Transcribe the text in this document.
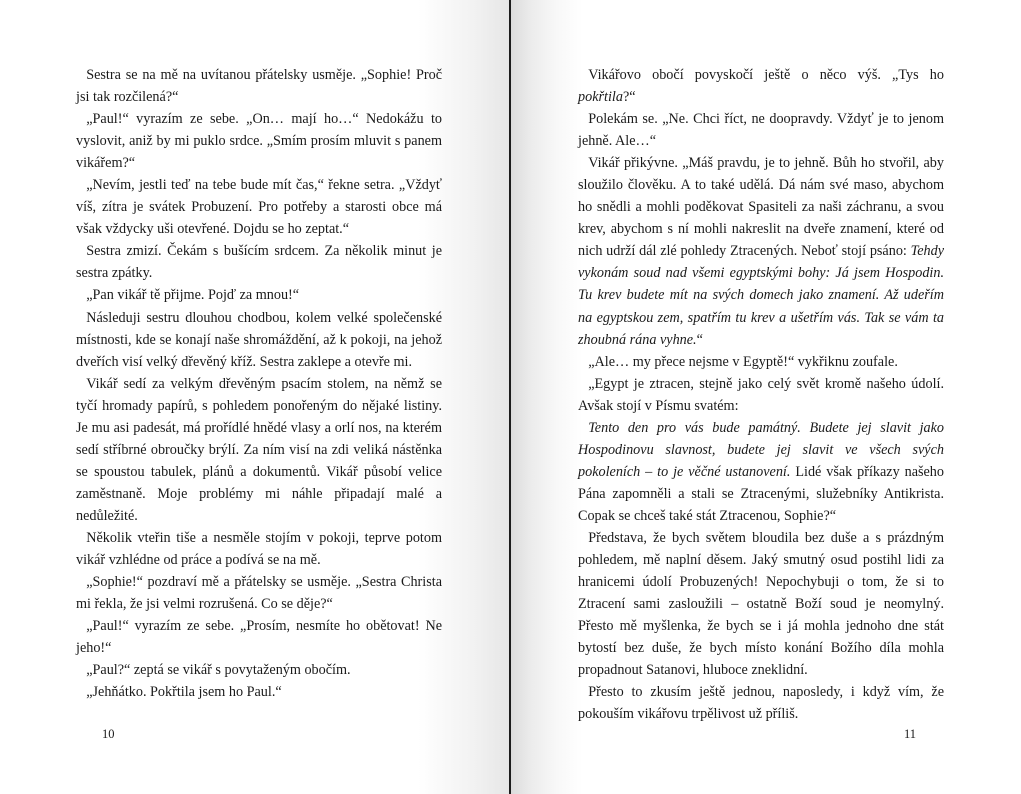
Sestra se na mě na uvítanou přátelsky usměje. „Sophie! Proč jsi tak rozčilená?“

„Paul!“ vyrazím ze sebe. „On… mají ho…“ Nedokážu to vyslovit, aniž by mi puklo srdce. „Smím prosím mluvit s panem vikářem?“

„Nevím, jestli teď na tebe bude mít čas,“ řekne setra. „Vždyť víš, zítra je svátek Probuzení. Pro potřeby a starosti obce má však vždycky uši otevřené. Dojdu se ho zeptat.“

Sestra zmizí. Čekám s bušícím srdcem. Za několik minut je sestra zpátky.

„Pan vikář tě přijme. Pojď za mnou!“

Následuji sestru dlouhou chodbou, kolem velké společenské místnosti, kde se konají naše shromáždění, až k pokoji, na jehož dveřích visí velký dřevěný kříž. Sestra zaklepe a otevře mi.

Vikář sedí za velkým dřevěným psacím stolem, na němž se tyčí hromady papírů, s pohledem ponořeným do nějaké listiny. Je mu asi padesát, má prořídlé hnědé vlasy a orlí nos, na kterém sedí stříbrné obroučky brýlí. Za ním visí na zdi veliká nástěnka se spoustou tabulek, plánů a dokumentů. Vikář působí velice zaměstnaně. Moje problémy mi náhle připadají malé a nedůležité.

Několik vteřin tiše a nesměle stojím v pokoji, teprve potom vikář vzhlédne od práce a podívá se na mě.

„Sophie!“ pozdraví mě a přátelsky se usměje. „Sestra Christa mi řekla, že jsi velmi rozrušená. Co se děje?“

„Paul!“ vyrazím ze sebe. „Prosím, nesmíte ho obětovat! Ne jeho!“

„Paul?“ zeptá se vikář s povytaženým obočím.

„Jehňátko. Pokřtila jsem ho Paul.“

10

Vikářovo obočí povyskočí ještě o něco výš. „Tys ho pokřtila?“

Polekám se. „Ne. Chci říct, ne doopravdy. Vždyť je to jenom jehně. Ale…“

Vikář přikývne. „Máš pravdu, je to jehně. Bůh ho stvořil, aby sloužilo člověku. A to také udělá. Dá nám své maso, abychom ho snědli a mohli poděkovat Spasiteli za naši záchranu, a svou krev, abychom s ní mohli nakreslit na dveře znamení, které od nich udrží dál zlé pohledy Ztracených. Neboť stojí psáno: Tehdy vykonám soud nad všemi egyptskými bohy: Já jsem Hospodin. Tu krev budete mít na svých domech jako znamení. Až udeřím na egyptskou zem, spatřím tu krev a ušetřím vás. Tak se vám ta zhoubná rána vyhne.“

„Ale… my přece nejsme v Egyptě!“ vykřiknu zoufale.

„Egypt je ztracen, stejně jako celý svět kromě našeho údolí. Avšak stojí v Písmu svatém:

Tento den pro vás bude památný. Budete jej slavit jako Hospodinovu slavnost, budete jej slavit ve všech svých pokoleních – to je věčné ustanovení. Lidé však příkazy našeho Pána zapomněli a stali se Ztracenými, služebníky Antikrista. Copak se chceš také stát Ztracenou, Sophie?“

Představa, že bych světem bloudila bez duše a s prázdným pohledem, mě naplní děsem. Jaký smutný osud postihl lidi za hranicemi údolí Probuzených! Nepochybuji o tom, že si to Ztracení sami zasloužili – ostatně Boží soud je neomylný. Přesto mě myšlenka, že bych se i já mohla jednoho dne stát bytostí bez duše, že bych místo konání Božího díla mohla propadnout Satanovi, hluboce zneklidní.

Přesto to zkusím ještě jednou, naposledy, i když vím, že pokouším vikářovu trpělivost už příliš.

11
